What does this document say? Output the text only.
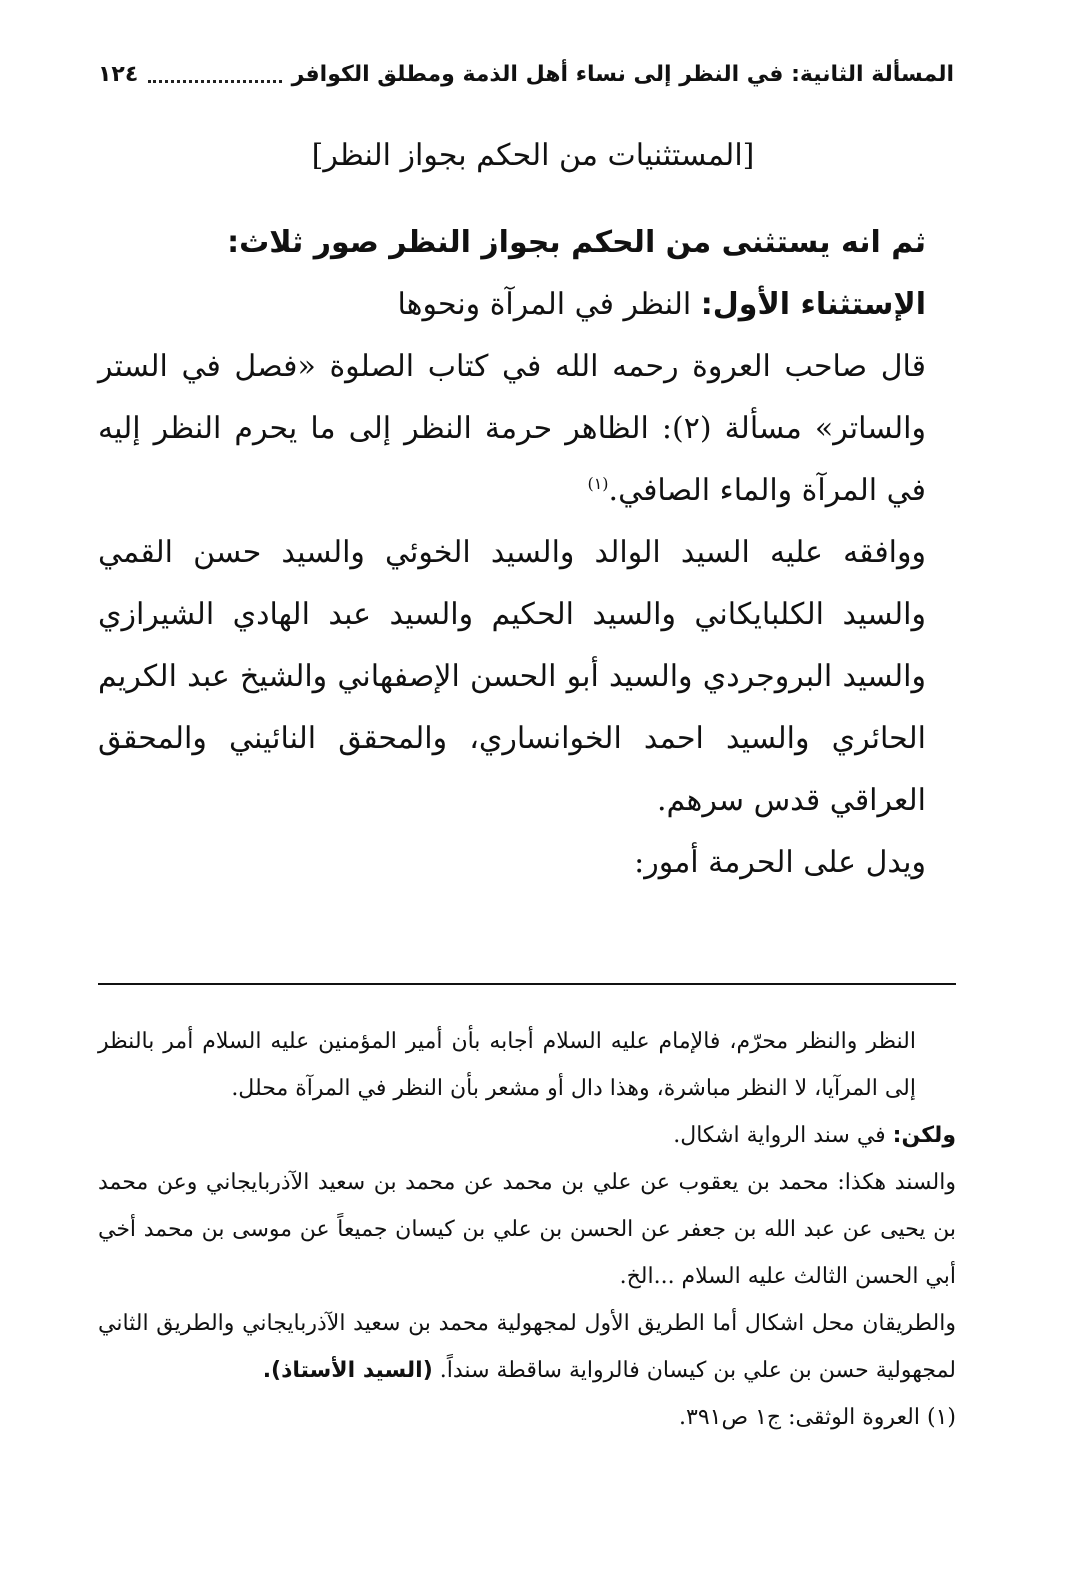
المسألة الثانية: في النظر إلى نساء أهل الذمة ومطلق الكوافر
١٢٤
[المستثنيات من الحكم بجواز النظر]

ثم انه يستثنى من الحكم بجواز النظر صور ثلاث:

الإستثناء الأول: النظر في المرآة ونحوها

قال صاحب العروة رحمه الله في كتاب الصلوة «فصل في الستر والساتر» مسألة (٢): الظاهر حرمة النظر إلى ما يحرم النظر إليه في المرآة والماء الصافي.$^{(١)}$

ووافقه عليه السيد الوالد والسيد الخوئي والسيد حسن القمي والسيد الكلبايكاني والسيد الحكيم والسيد عبد الهادي الشيرازي والسيد البروجردي والسيد أبو الحسن الإصفهاني والشيخ عبد الكريم الحائري والسيد احمد الخوانساري، والمحقق النائيني والمحقق العراقي قدس سرهم.

ويدل على الحرمة أمور:

النظر والنظر محرّم، فالإمام عليه السلام أجابه بأن أمير المؤمنين عليه السلام أمر بالنظر إلى المرآيا، لا النظر مباشرة، وهذا دال أو مشعر بأن النظر في المرآة محلل.

ولكن: في سند الرواية اشكال.

والسند هكذا: محمد بن يعقوب عن علي بن محمد عن محمد بن سعيد الآذربايجاني وعن محمد بن يحيى عن عبد الله بن جعفر عن الحسن بن علي بن كيسان جميعاً عن موسى بن محمد أخي أبي الحسن الثالث عليه السلام ...الخ.

والطريقان محل اشكال أما الطريق الأول لمجهولية محمد بن سعيد الآذربايجاني والطريق الثاني لمجهولية حسن بن علي بن كيسان فالرواية ساقطة سنداً. (السيد الأستاذ).

(١) العروة الوثقى: ج١ ص٣٩١.
